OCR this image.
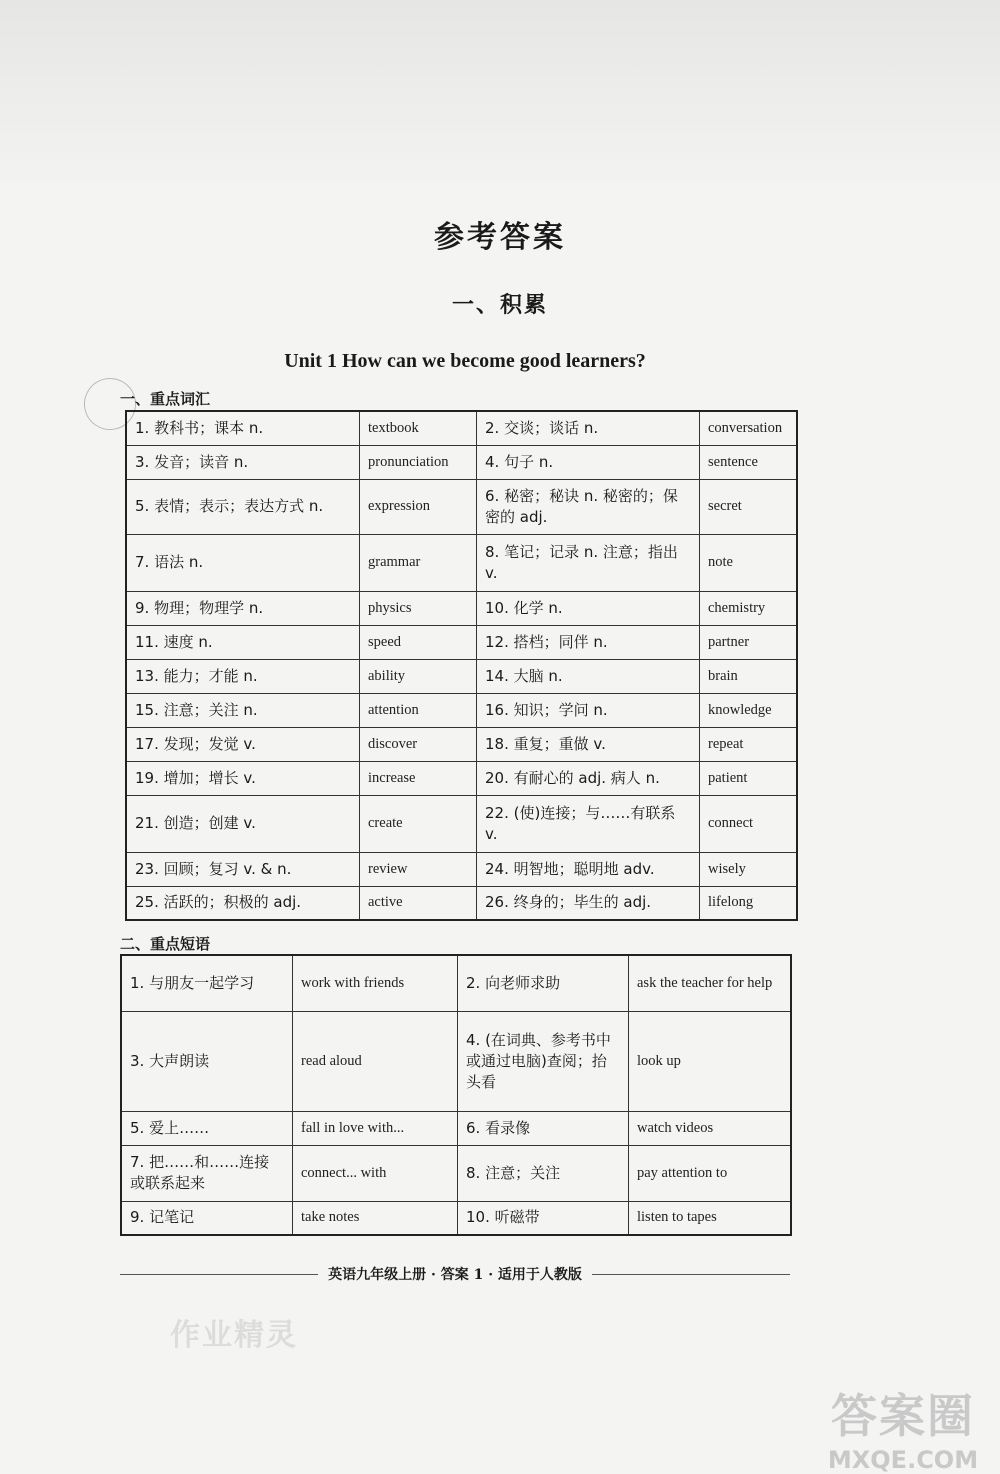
参考答案
一、积累
Unit 1 How can we become good learners?
一、重点词汇
1. 教科书；课本 n.	textbook	2. 交谈；谈话 n.	conversation
3. 发音；读音 n.	pronunciation	4. 句子 n.	sentence
5. 表情；表示；表达方式 n.	expression	6. 秘密；秘诀 n. 秘密的；保密的 adj.	secret
7. 语法 n.	grammar	8. 笔记；记录 n. 注意；指出 v.	note
9. 物理；物理学 n.	physics	10. 化学 n.	chemistry
11. 速度 n.	speed	12. 搭档；同伴 n.	partner
13. 能力；才能 n.	ability	14. 大脑 n.	brain
15. 注意；关注 n.	attention	16. 知识；学问 n.	knowledge
17. 发现；发觉 v.	discover	18. 重复；重做 v.	repeat
19. 增加；增长 v.	increase	20. 有耐心的 adj. 病人 n.	patient
21. 创造；创建 v.	create	22. (使)连接；与……有联系 v.	connect
23. 回顾；复习 v. & n.	review	24. 明智地；聪明地 adv.	wisely
25. 活跃的；积极的 adj.	active	26. 终身的；毕生的 adj.	lifelong
二、重点短语
1. 与朋友一起学习	work with friends	2. 向老师求助	ask the teacher for help
3. 大声朗读	read aloud	4. (在词典、参考书中或通过电脑)查阅；抬头看	look up
5. 爱上……	fall in love with...	6. 看录像	watch videos
7. 把……和……连接或联系起来	connect... with	8. 注意；关注	pay attention to
9. 记笔记	take notes	10. 听磁带	listen to tapes
英语九年级上册 · 答案 1 · 适用于人教版
作业精灵
答案圈
MXQE.COM
